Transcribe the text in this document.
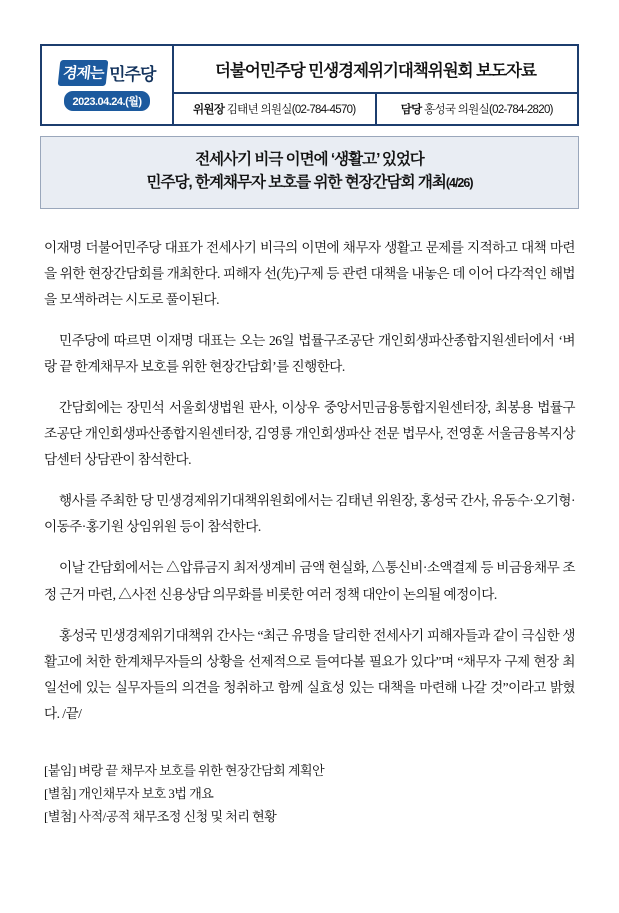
경제는 민주당
2023.04.24.(월)
더불어민주당 민생경제위기대책위원회 보도자료
위원장 김태년 의원실(02-784-4570)	담당 홍성국 의원실(02-784-2820)
전세사기 비극 이면에 ‘생활고’ 있었다
민주당, 한계채무자 보호를 위한 현장간담회 개최(4/26)

이재명 더불어민주당 대표가 전세사기 비극의 이면에 채무자 생활고 문제를 지적하고 대책 마련을 위한 현장간담회를 개최한다. 피해자 선(先)구제 등 관련 대책을 내놓은 데 이어 다각적인 해법을 모색하려는 시도로 풀이된다.

민주당에 따르면 이재명 대표는 오는 26일 법률구조공단 개인회생파산종합지원센터에서 ‘벼랑 끝 한계채무자 보호를 위한 현장간담회’를 진행한다.

간담회에는 장민석 서울회생법원 판사, 이상우 중앙서민금융통합지원센터장, 최봉용 법률구조공단 개인회생파산종합지원센터장, 김영룡 개인회생파산 전문 법무사, 전영훈 서울금융복지상담센터 상담관이 참석한다.

행사를 주최한 당 민생경제위기대책위원회에서는 김태년 위원장, 홍성국 간사, 유동수·오기형·이동주·홍기원 상임위원 등이 참석한다.

이날 간담회에서는 △압류금지 최저생계비 금액 현실화, △통신비·소액결제 등 비금융채무 조정 근거 마련, △사전 신용상담 의무화를 비롯한 여러 정책 대안이 논의될 예정이다.

홍성국 민생경제위기대책위 간사는 “최근 유명을 달리한 전세사기 피해자들과 같이 극심한 생활고에 처한 한계채무자들의 상황을 선제적으로 들여다볼 필요가 있다”며 “채무자 구제 현장 최일선에 있는 실무자들의 의견을 청취하고 함께 실효성 있는 대책을 마련해 나갈 것”이라고 밝혔다. /끝/

[붙임] 벼랑 끝 채무자 보호를 위한 현장간담회 계획안
[별침] 개인채무자 보호 3법 개요
[별첨] 사적/공적 채무조정 신청 및 처리 현황
